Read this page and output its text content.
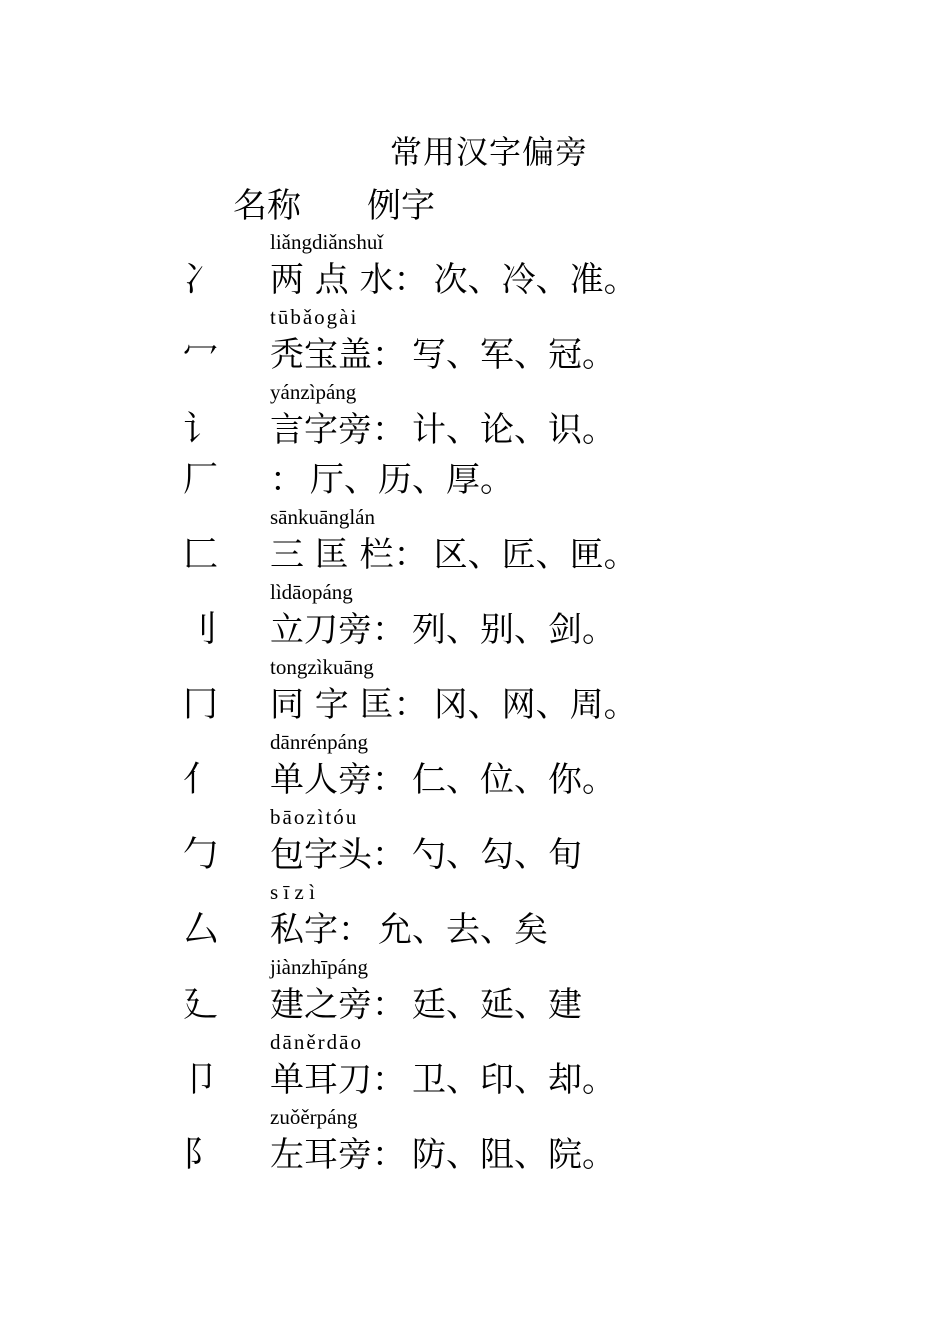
常用汉字偏旁
名称 例字
liǎngdiǎnshuǐ
冫 两 点 水： 次、冷、准。
tūbǎogài
冖 秃宝盖： 写、军、冠。
yánzìpáng
讠 言字旁： 计、论、识。
厂 ： 厅、历、厚。
sānkuānglán
匚 三 匡 栏： 区、匠、匣。
lìdāopáng
刂 立刀旁： 列、别、剑。
tongzìkuāng
冂 同 字 匡： 冈、网、周。
dānrénpáng
亻 单人旁： 仁、位、你。
bāozìtóu
勹 包字头： 勺、勾、旬
s ī z ì
厶 私字： 允、去、矣
jiànzhīpáng
廴 建之旁： 廷、延、建
dāněrdāo
卩 单耳刀： 卫、印、却。
zuǒěrpáng
阝 左耳旁： 防、阻、院。
